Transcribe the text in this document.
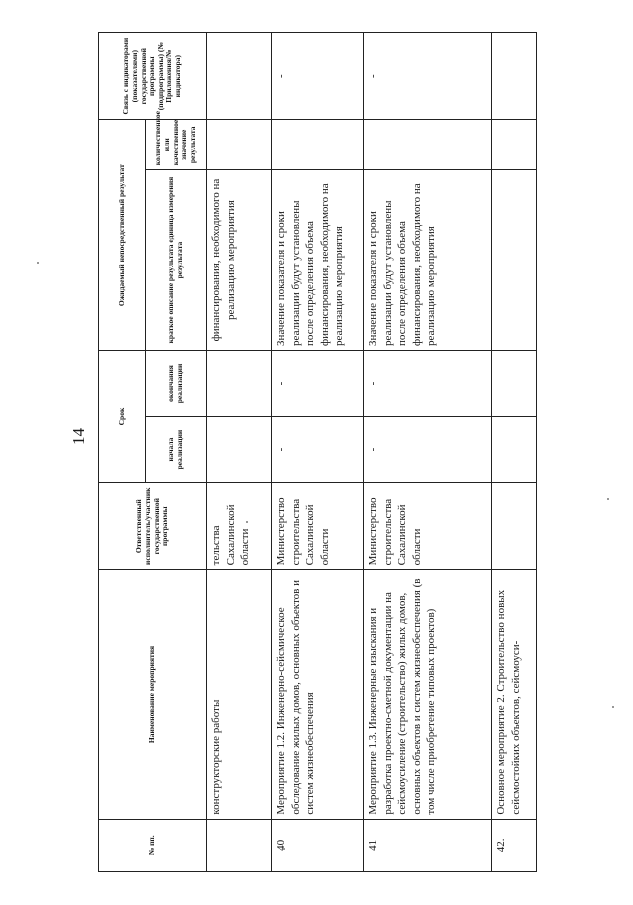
14
№ пп.	Наименование мероприятия	Ответственный исполнитель/участник государственной программы	Срок		Ожидаемый непосредственный результат		Связь с индикаторами (показателями) государственной программы (подпрограммы) (№ Приложения/№ индикатора)
			начала реализации	окончания реализации	краткое описание результата единица измерения результата	количественное или качественное значение результата	
	конструкторские работы	тельства Сахалинской области			финансирования, необходимого на реализацию мероприятия		
40	Мероприятие 1.2. Инженерно-сейсмическое обследование жилых домов, основных объектов и систем жизнеобеспечения	Министерство строительства Сахалинской области	-	-	Значение показателя и сроки реализации будут установлены после определения объема финансирования, необходимого на реализацию мероприятия		-
41	Мероприятие 1.3. Инженерные изыскания и разработка проектно-сметной документации на сейсмоусиление (строительство) жилых домов, основных объектов и систем жизнеобеспечения (в том числе приобретение типовых проектов)	Министерство строительства Сахалинской области	-	-	Значение показателя и сроки реализации будут установлены после определения объема финансирования, необходимого на реализацию мероприятия		-
42.	Основное мероприятие 2. Строительство новых сейсмостойких объектов, сейсмоуси-						
